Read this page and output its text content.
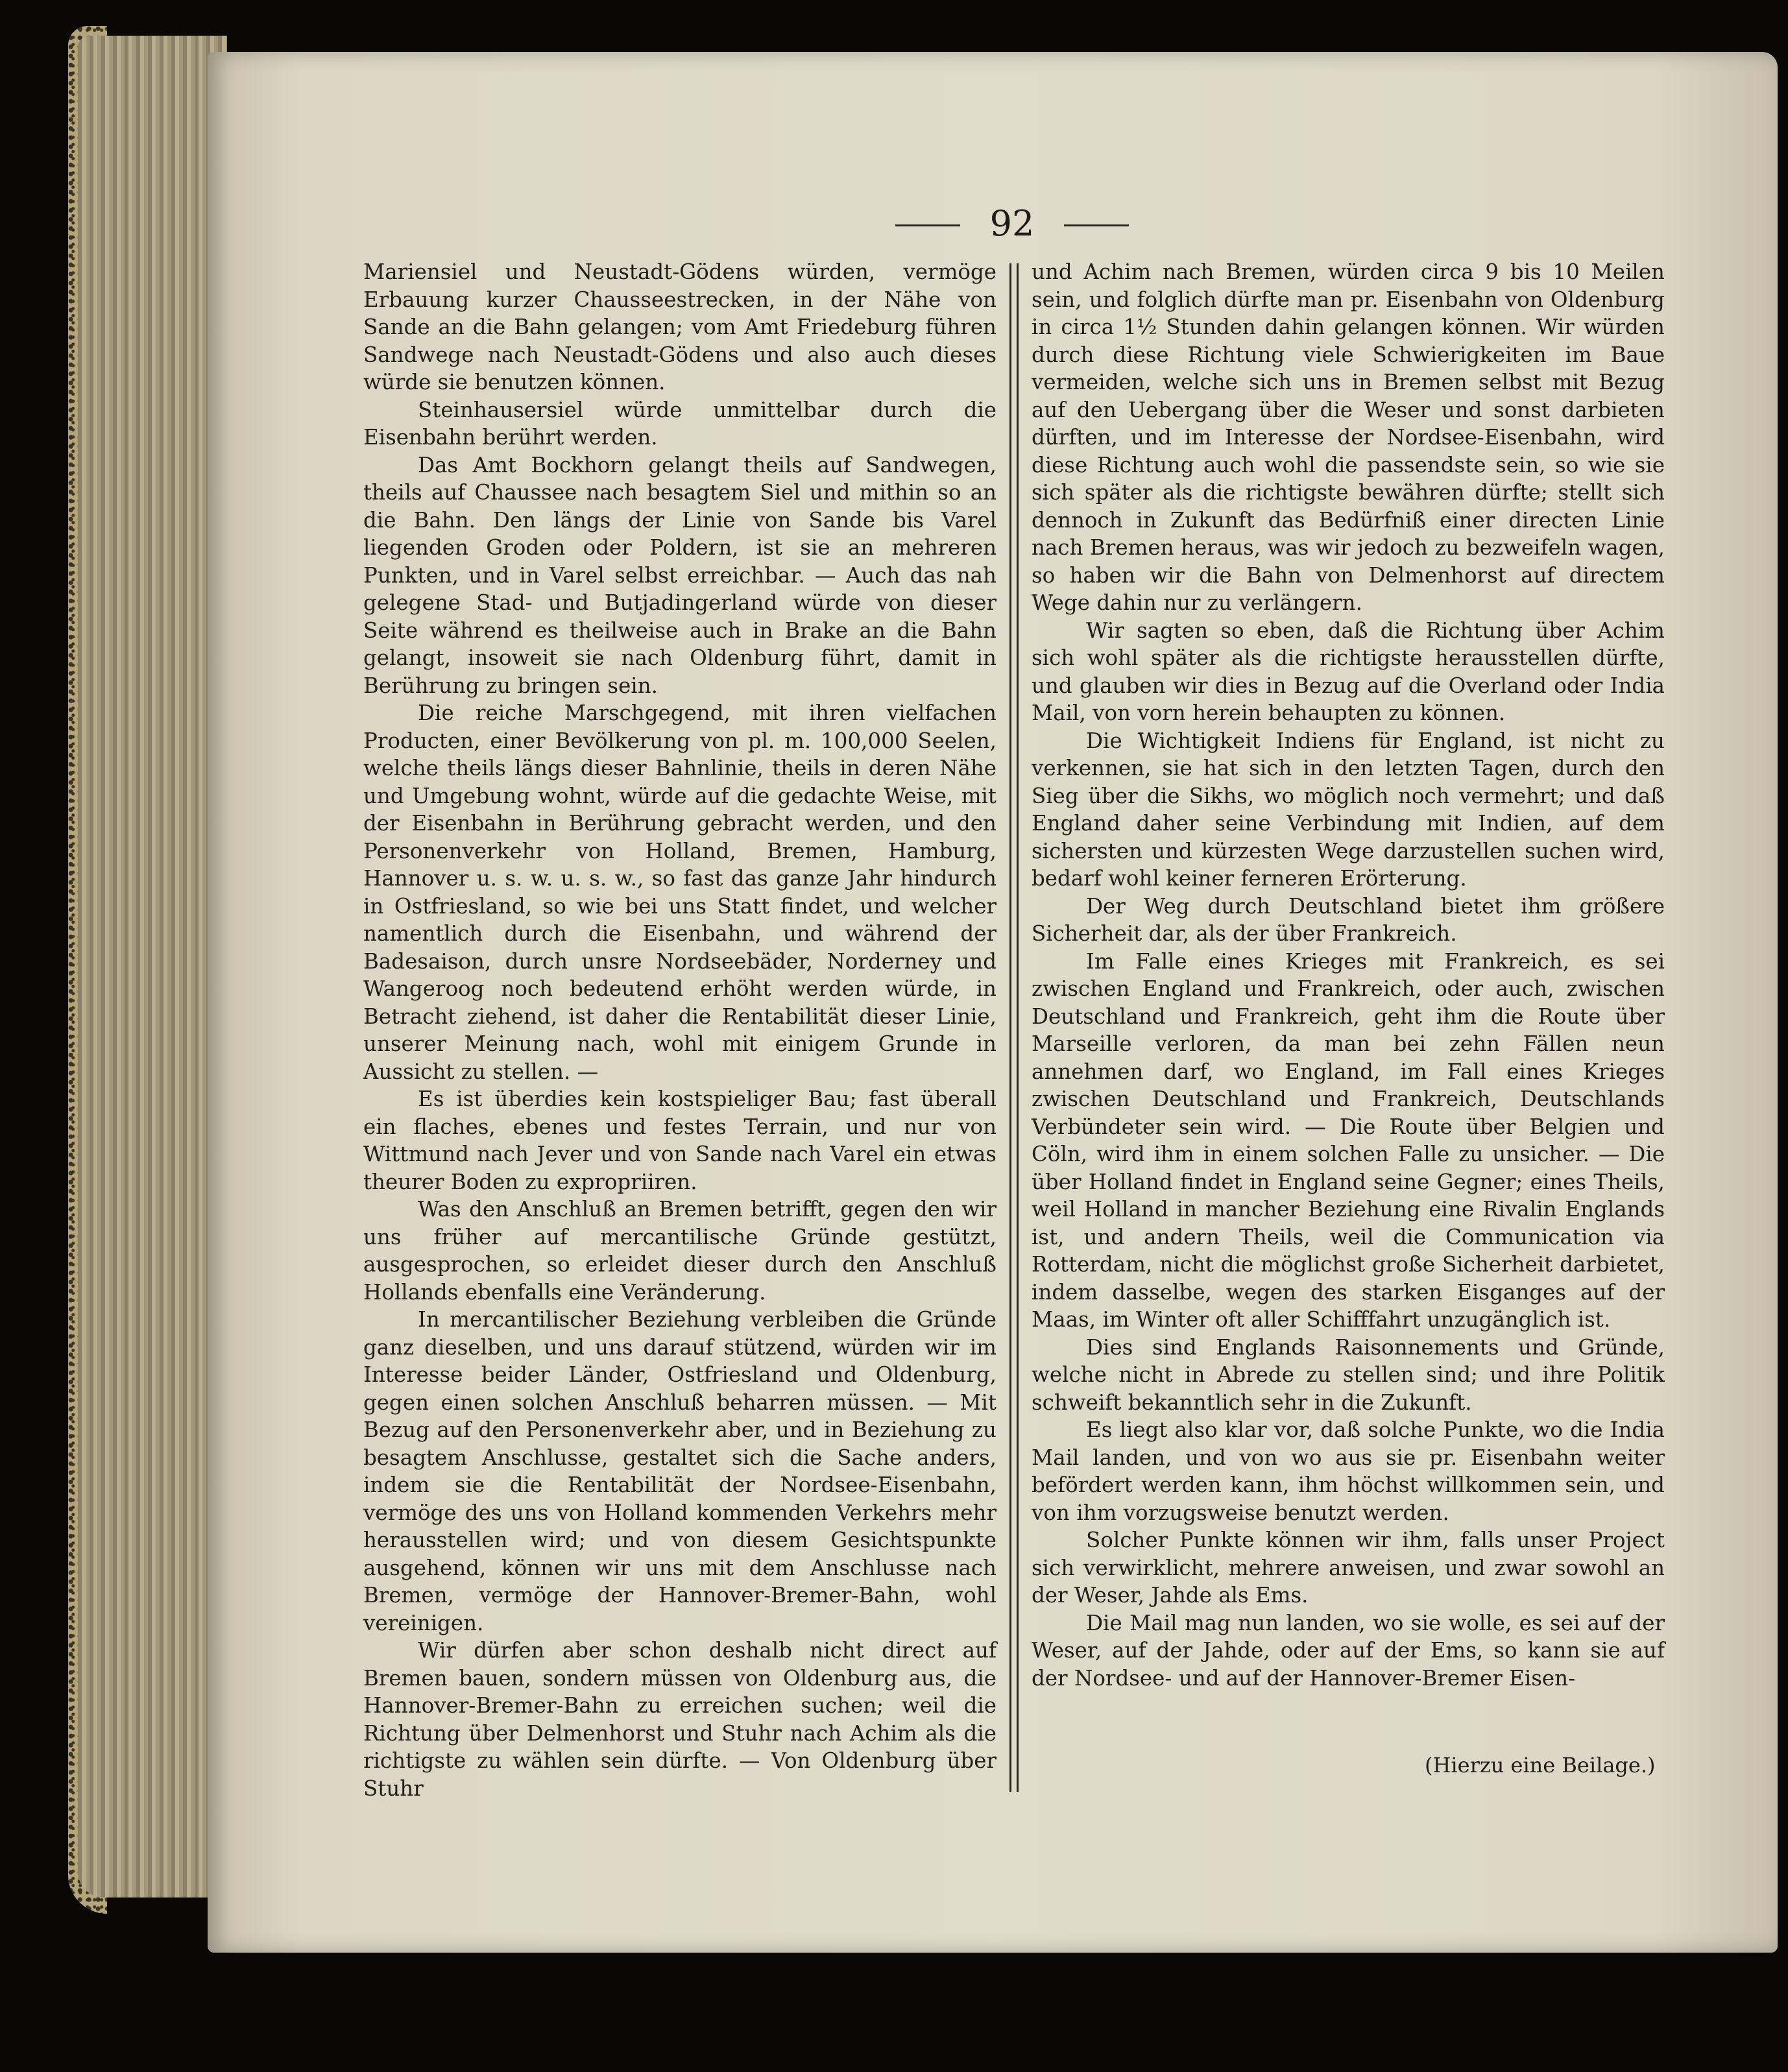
92

Mariensiel und Neustadt-Gödens würden, vermöge Erbauung kurzer Chausseestrecken, in der Nähe von Sande an die Bahn gelangen; vom Amt Friedeburg führen Sandwege nach Neustadt-Gödens und also auch dieses würde sie benutzen können.

Steinhausersiel würde unmittelbar durch die Eisenbahn berührt werden.

Das Amt Bockhorn gelangt theils auf Sandwegen, theils auf Chaussee nach besagtem Siel und mithin so an die Bahn. Den längs der Linie von Sande bis Varel liegenden Groden oder Poldern, ist sie an mehreren Punkten, und in Varel selbst erreichbar. — Auch das nah gelegene Stad- und Butjadingerland würde von dieser Seite während es theilweise auch in Brake an die Bahn gelangt, insoweit sie nach Oldenburg führt, damit in Berührung zu bringen sein.

Die reiche Marschgegend, mit ihren vielfachen Producten, einer Bevölkerung von pl. m. 100,000 Seelen, welche theils längs dieser Bahnlinie, theils in deren Nähe und Umgebung wohnt, würde auf die gedachte Weise, mit der Eisenbahn in Berührung gebracht werden, und den Personenverkehr von Holland, Bremen, Hamburg, Hannover u. s. w. u. s. w., so fast das ganze Jahr hindurch in Ostfriesland, so wie bei uns Statt findet, und welcher namentlich durch die Eisenbahn, und während der Badesaison, durch unsre Nordseebäder, Norderney und Wangeroog noch bedeutend erhöht werden würde, in Betracht ziehend, ist daher die Rentabilität dieser Linie, unserer Meinung nach, wohl mit einigem Grunde in Aussicht zu stellen. —

Es ist überdies kein kostspieliger Bau; fast überall ein flaches, ebenes und festes Terrain, und nur von Wittmund nach Jever und von Sande nach Varel ein etwas theurer Boden zu expropriiren.

Was den Anschluß an Bremen betrifft, gegen den wir uns früher auf mercantilische Gründe gestützt, ausgesprochen, so erleidet dieser durch den Anschluß Hollands ebenfalls eine Veränderung.

In mercantilischer Beziehung verbleiben die Gründe ganz dieselben, und uns darauf stützend, würden wir im Interesse beider Länder, Ostfriesland und Oldenburg, gegen einen solchen Anschluß beharren müssen. — Mit Bezug auf den Personenverkehr aber, und in Beziehung zu besagtem Anschlusse, gestaltet sich die Sache anders, indem sie die Rentabilität der Nordsee-Eisenbahn, vermöge des uns von Holland kommenden Verkehrs mehr herausstellen wird; und von diesem Gesichtspunkte ausgehend, können wir uns mit dem Anschlusse nach Bremen, vermöge der Hannover-Bremer-Bahn, wohl vereinigen.

Wir dürfen aber schon deshalb nicht direct auf Bremen bauen, sondern müssen von Oldenburg aus, die Hannover-Bremer-Bahn zu erreichen suchen; weil die Richtung über Delmenhorst und Stuhr nach Achim als die richtigste zu wählen sein dürfte. — Von Oldenburg über Stuhr

und Achim nach Bremen, würden circa 9 bis 10 Meilen sein, und folglich dürfte man pr. Eisenbahn von Oldenburg in circa 1½ Stunden dahin gelangen können. Wir würden durch diese Richtung viele Schwierigkeiten im Baue vermeiden, welche sich uns in Bremen selbst mit Bezug auf den Uebergang über die Weser und sonst darbieten dürften, und im Interesse der Nordsee-Eisenbahn, wird diese Richtung auch wohl die passendste sein, so wie sie sich später als die richtigste bewähren dürfte; stellt sich dennoch in Zukunft das Bedürfniß einer directen Linie nach Bremen heraus, was wir jedoch zu bezweifeln wagen, so haben wir die Bahn von Delmenhorst auf directem Wege dahin nur zu verlängern.

Wir sagten so eben, daß die Richtung über Achim sich wohl später als die richtigste herausstellen dürfte, und glauben wir dies in Bezug auf die Overland oder India Mail, von vorn herein behaupten zu können.

Die Wichtigkeit Indiens für England, ist nicht zu verkennen, sie hat sich in den letzten Tagen, durch den Sieg über die Sikhs, wo möglich noch vermehrt; und daß England daher seine Verbindung mit Indien, auf dem sichersten und kürzesten Wege darzustellen suchen wird, bedarf wohl keiner ferneren Erörterung.

Der Weg durch Deutschland bietet ihm größere Sicherheit dar, als der über Frankreich.

Im Falle eines Krieges mit Frankreich, es sei zwischen England und Frankreich, oder auch, zwischen Deutschland und Frankreich, geht ihm die Route über Marseille verloren, da man bei zehn Fällen neun annehmen darf, wo England, im Fall eines Krieges zwischen Deutschland und Frankreich, Deutschlands Verbündeter sein wird. — Die Route über Belgien und Cöln, wird ihm in einem solchen Falle zu unsicher. — Die über Holland findet in England seine Gegner; eines Theils, weil Holland in mancher Beziehung eine Rivalin Englands ist, und andern Theils, weil die Communication via Rotterdam, nicht die möglichst große Sicherheit darbietet, indem dasselbe, wegen des starken Eisganges auf der Maas, im Winter oft aller Schifffahrt unzugänglich ist.

Dies sind Englands Raisonnements und Gründe, welche nicht in Abrede zu stellen sind; und ihre Politik schweift bekanntlich sehr in die Zukunft.

Es liegt also klar vor, daß solche Punkte, wo die India Mail landen, und von wo aus sie pr. Eisenbahn weiter befördert werden kann, ihm höchst willkommen sein, und von ihm vorzugsweise benutzt werden.

Solcher Punkte können wir ihm, falls unser Project sich verwirklicht, mehrere anweisen, und zwar sowohl an der Weser, Jahde als Ems.

Die Mail mag nun landen, wo sie wolle, es sei auf der Weser, auf der Jahde, oder auf der Ems, so kann sie auf der Nordsee- und auf der Hannover-Bremer Eisen-

(Hierzu eine Beilage.)
